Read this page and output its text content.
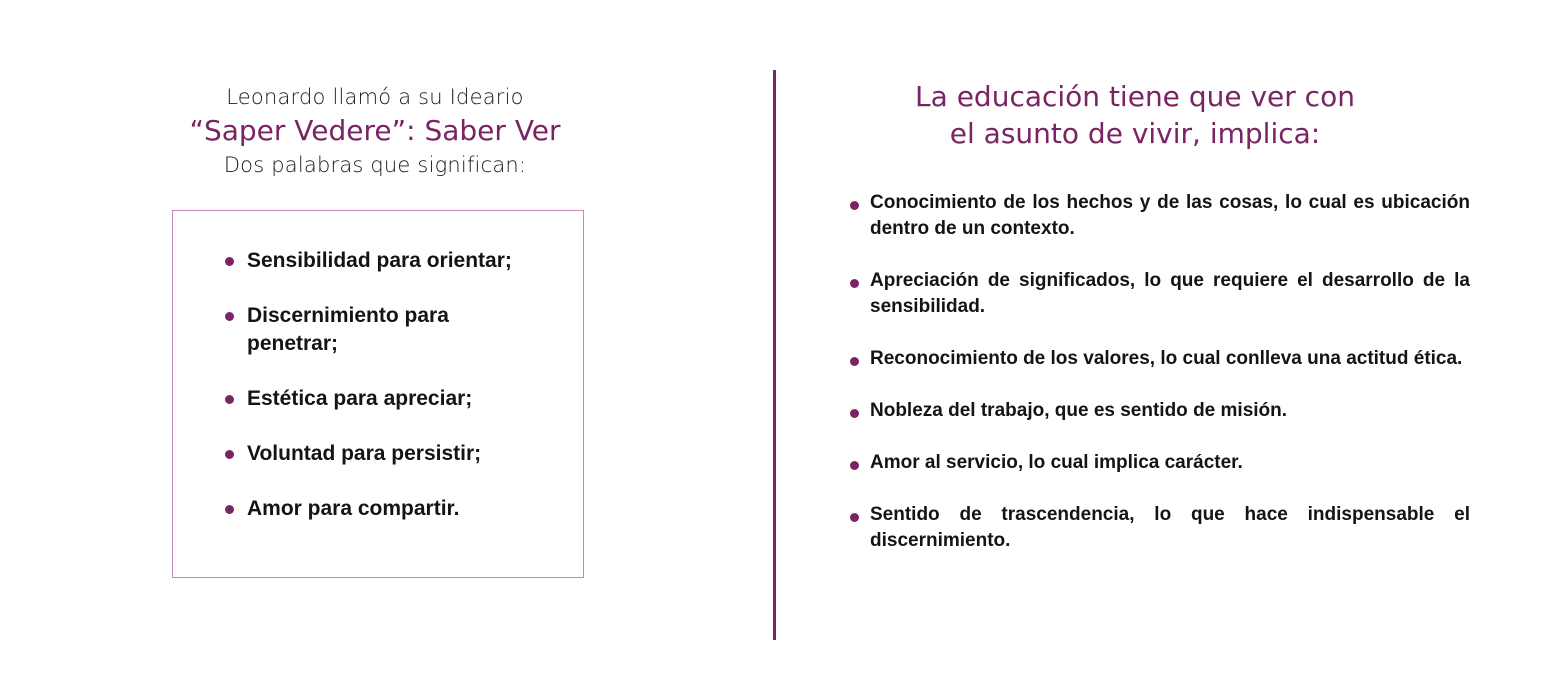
Leonardo llamó a su Ideario
“Saper Vedere”: Saber Ver
Dos palabras que significan:
Sensibilidad para orientar;
Discernimiento para penetrar;
Estética para apreciar;
Voluntad para persistir;
Amor para compartir.
La educación tiene que ver con
el asunto de vivir, implica:
Conocimiento de los hechos y de las cosas, lo cual es ubicación dentro de un contexto.
Apreciación de significados, lo que requiere el desarrollo de la sensibilidad.
Reconocimiento de los valores, lo cual conlleva una actitud ética.
Nobleza del trabajo, que es sentido de misión.
Amor al servicio, lo cual implica carácter.
Sentido de trascendencia, lo que hace indispensable el discernimiento.
